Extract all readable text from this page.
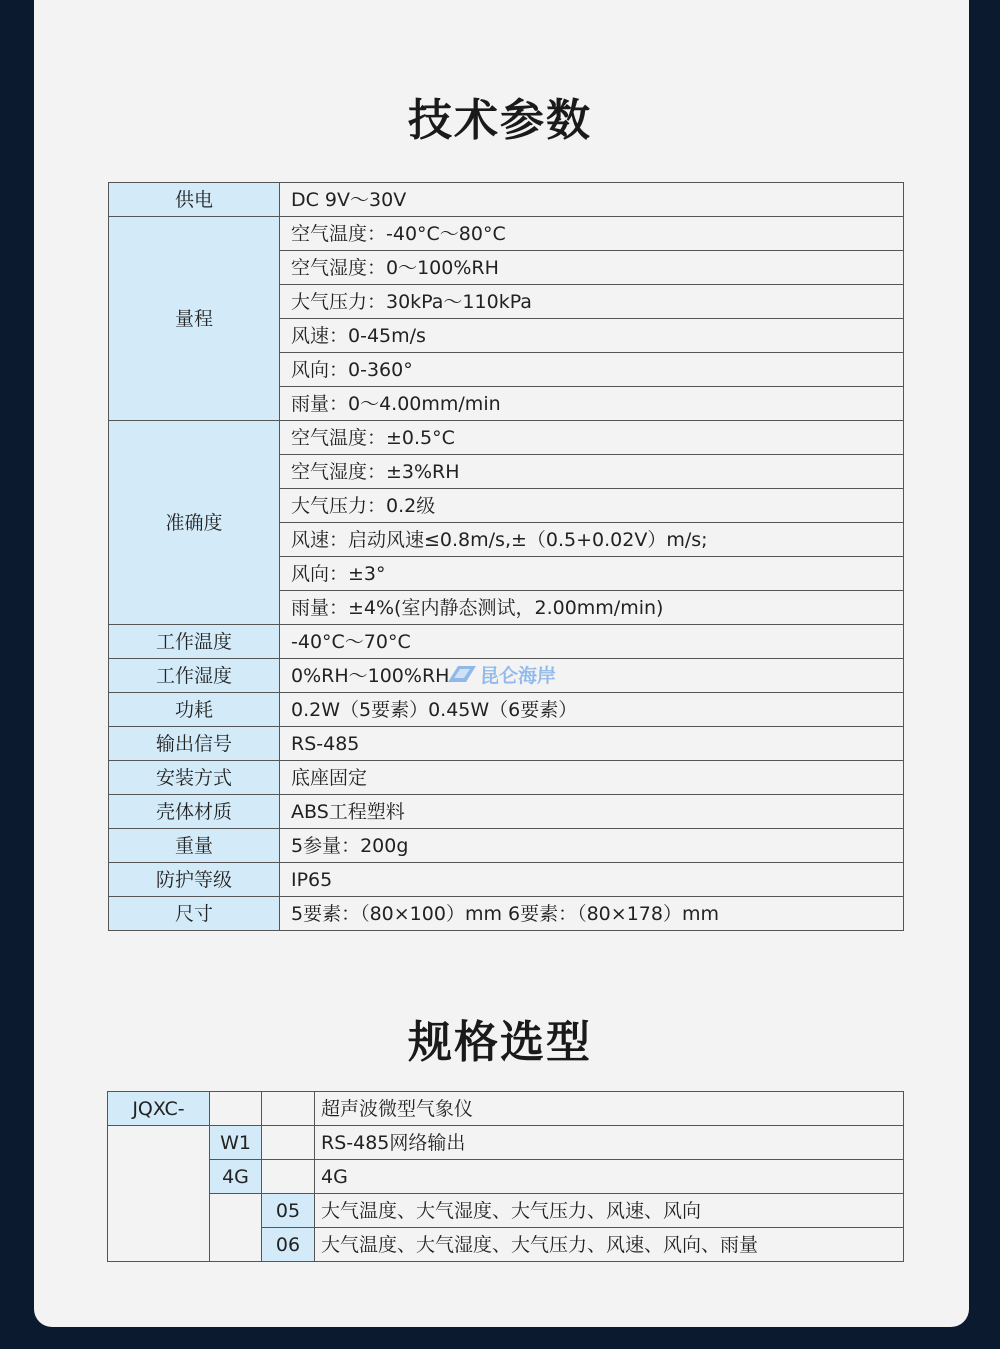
技术参数
供电	DC 9V～30V
量程	空气温度：-40°C～80°C
	空气湿度：0～100%RH
	大气压力：30kPa～110kPa
	风速：0-45m/s
	风向：0-360°
	雨量：0～4.00mm/min
准确度	空气温度：±0.5°C
	空气湿度：±3%RH
	大气压力：0.2级
	风速：启动风速≤0.8m/s,±（0.5+0.02V）m/s;
	风向：±3°
	雨量：±4%(室内静态测试，2.00mm/min)
工作温度	-40°C～70°C
工作湿度	0%RH～100%RH
功耗	0.2W（5要素）0.45W（6要素）
输出信号	RS-485
安装方式	底座固定
壳体材质	ABS工程塑料
重量	5参量：200g
防护等级	IP65
尺寸	5要素：（80×100）mm 6要素：（80×178）mm
昆仑海岸
规格选型
JQXC-			超声波微型气象仪
	W1		RS-485网络输出
	4G		4G
		05	大气温度、大气湿度、大气压力、风速、风向
		06	大气温度、大气湿度、大气压力、风速、风向、雨量
